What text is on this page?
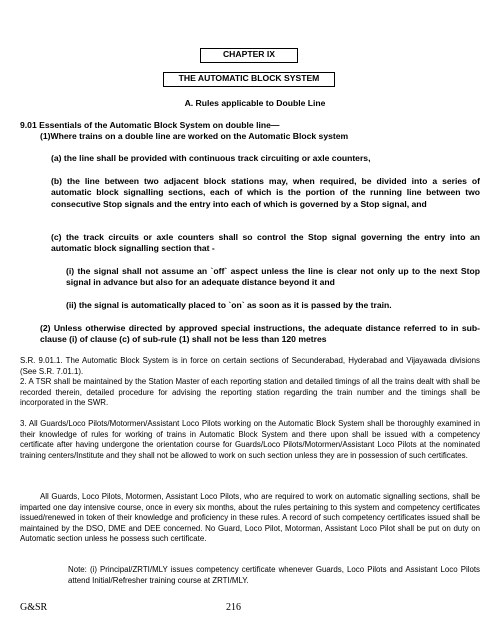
CHAPTER IX
THE AUTOMATIC BLOCK SYSTEM
A. Rules applicable to Double Line
9.01 Essentials of the Automatic Block System on double line—
(1)Where trains on a double line are worked on the Automatic Block system
(a) the line shall be provided with continuous track circuiting or axle counters,
(b) the line between two adjacent block stations may, when required, be divided into a series of automatic block signalling sections, each of which is the portion of the running line between two consecutive Stop signals and the entry into each of which is governed by a Stop signal, and
(c) the track circuits or axle counters shall so control the Stop signal governing the entry into an automatic block signalling section that -
(i) the signal shall not assume an `off` aspect unless the line is clear not only up to the next Stop signal in advance but also for an adequate distance beyond it and
(ii) the signal is automatically placed to `on` as soon as it is passed by the train.
(2) Unless otherwise directed by approved special instructions, the adequate distance referred to in sub-clause (i) of clause (c) of sub-rule (1) shall not be less than 120 metres
S.R. 9.01.1. The Automatic Block System is in force on certain sections of Secunderabad, Hyderabad and Vijayawada divisions (See S.R. 7.01.1).
2. A TSR shall be maintained by the Station Master of each reporting station and detailed timings of all the trains dealt with shall be recorded therein, detailed procedure for advising the reporting station regarding the train number and the timings shall be incorporated in the SWR.
3. All Guards/Loco Pilots/Motormen/Assistant Loco Pilots working on the Automatic Block System shall be thoroughly examined in their knowledge of rules for working of trains in Automatic Block System and there upon shall be issued with a competency certificate after having undergone the orientation course for Guards/Loco Pilots/Motormen/Assistant Loco Pilots at the nominated training centers/Institute and they shall not be allowed to work on such section unless they are in possession of such certificates.
All Guards, Loco Pilots, Motormen, Assistant Loco Pilots, who are required to work on automatic signalling sections, shall be imparted one day intensive course, once in every six months, about the rules pertaining to this system and competency certificates issued/renewed in token of their knowledge and proficiency in these rules. A record of such competency certificates issued shall be maintained by the DSO, DME and DEE concerned. No Guard, Loco Pilot, Motorman, Assistant Loco Pilot shall be put on duty on Automatic section unless he possess such certificate.
Note: (i) Principal/ZRTI/MLY issues competency certificate whenever Guards, Loco Pilots and Assistant Loco Pilots attend Initial/Refresher training course at ZRTI/MLY.
G&SR	216
